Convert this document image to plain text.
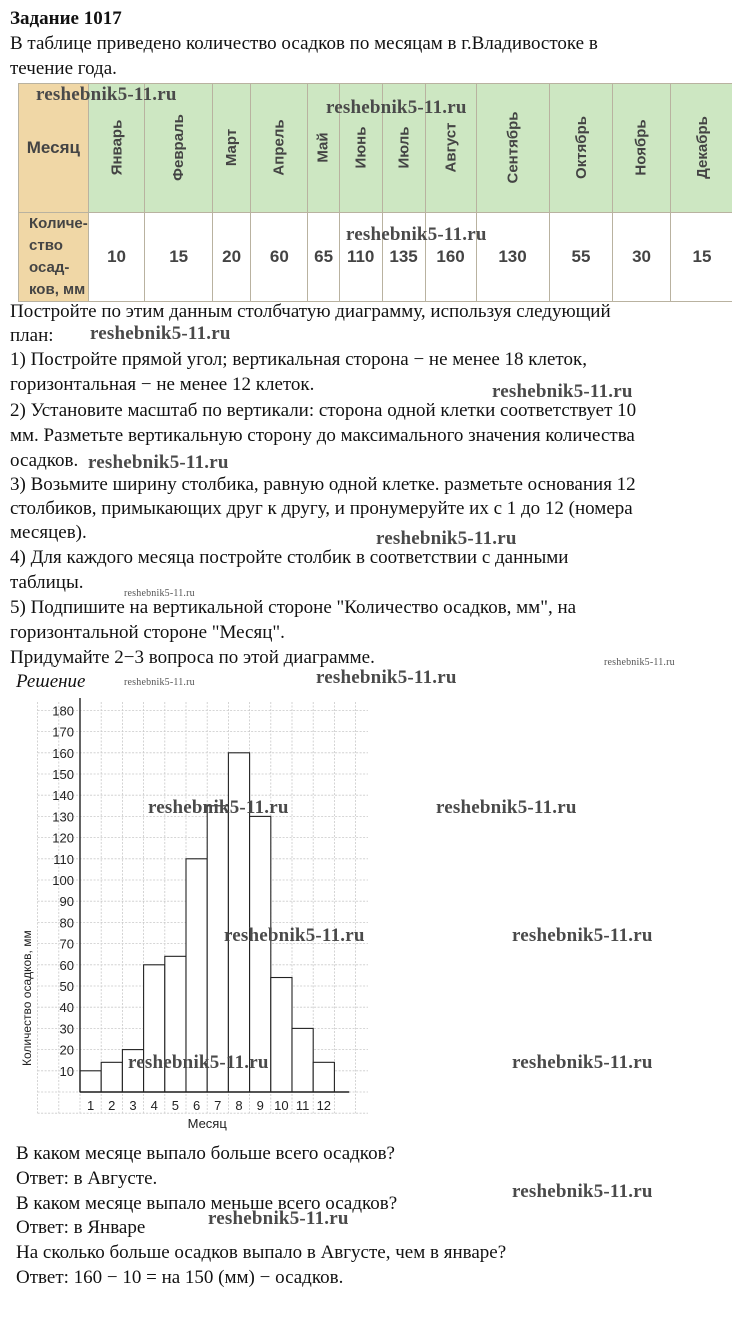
Задание 1017

В таблице приведено количество осадков по месяцам в г.Владивостоке в

течение года.

Месяц	Январь	Февраль	Март	Апрель	Май	Июнь	Июль	Август	Сентябрь	Октябрь	Ноябрь	Декабрь

Количе-
ство осад-
ков, мм	10	15	20	60	65	110	135	160	130	55	30	15

Постройте по этим данным столбчатую диаграмму, используя следующий

план:

1) Постройте прямой угол; вертикальная сторона − не менее 18 клеток,

горизонтальная − не менее 12 клеток.

2) Установите масштаб по вертикали: сторона одной клетки соответствует 10

мм. Разметьте вертикальную сторону до максимального значения количества

осадков.

3) Возьмите ширину столбика, равную одной клетке. разметьте основания 12

столбиков, примыкающих друг к другу, и пронумеруйте их с 1 до 12 (номера

месяцев).

4) Для каждого месяца постройте столбик в соответствии с данными

таблицы.

5) Подпишите на вертикальной стороне "Количество осадков, мм", на

горизонтальной стороне "Месяц".

Придумайте 2−3 вопроса по этой диаграмме.

Решение

10
20
30
40
50
60
70
80
90
100
110
120
130
140
150
160
170
180
1 2 3 4 5 6 7 8 9 10 11 12
Количество осадков, мм
Месяц

В каком месяце выпало больше всего осадков?

Ответ: в Августе.

В каком месяце выпало меньше всего осадков?

Ответ: в Январе

На сколько больше осадков выпало в Августе, чем в январе?

Ответ: 160 − 10 = на 150 (мм) − осадков.

reshebnik5-11.ru
reshebnik5-11.ru
reshebnik5-11.ru
reshebnik5-11.ru
reshebnik5-11.ru
reshebnik5-11.ru
reshebnik5-11.ru
reshebnik5-11.ru
reshebnik5-11.ru
reshebnik5-11.ru	reshebnik5-11.ru
reshebnik5-11.ru	reshebnik5-11.ru
reshebnik5-11.ru	reshebnik5-11.ru
reshebnik5-11.ru	reshebnik5-11.ru
reshebnik5-11.ru
reshebnik5-11.ru
